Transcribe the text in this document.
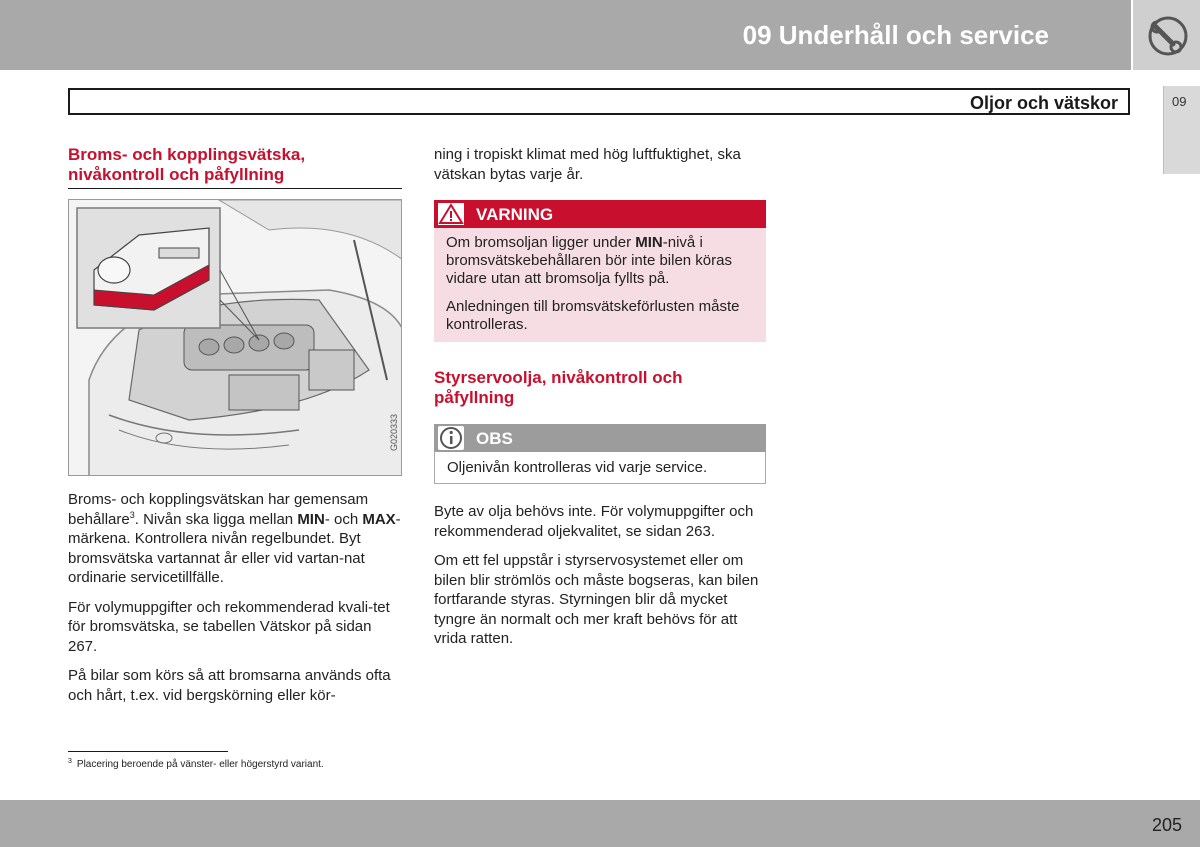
09 Underhåll och service
09
Oljor och vätskor
Broms- och kopplingsvätska,
nivåkontroll och påfyllning
G020333

Broms- och kopplingsvätskan har gemensam behållare$^3$. Nivån ska ligga mellan MIN- och MAX-märkena. Kontrollera nivån regelbundet. Byt bromsvätska vartannat år eller vid vartan-nat ordinarie servicetillfälle.

För volymuppgifter och rekommenderad kvali-tet för bromsvätska, se tabellen Vätskor på sidan 267.

På bilar som körs så att bromsarna används ofta och hårt, t.ex. vid bergskörning eller kör-

ning i tropiskt klimat med hög luftfuktighet, ska vätskan bytas varje år.

VARNING

Om bromsoljan ligger under MIN-nivå i bromsvätskebehållaren bör inte bilen köras vidare utan att bromsolja fyllts på.

Anledningen till bromsvätskeförlusten måste kontrolleras.

Styrservoolja, nivåkontroll och
påfyllning
OBS

Oljenivån kontrolleras vid varje service.

Byte av olja behövs inte. För volymuppgifter och rekommenderad oljekvalitet, se sidan 263.

Om ett fel uppstår i styrservosystemet eller om bilen blir strömlös och måste bogseras, kan bilen fortfarande styras. Styrningen blir då mycket tyngre än normalt och mer kraft behövs för att vrida ratten.

$^3$ Placering beroende på vänster- eller högerstyrd variant.
205
